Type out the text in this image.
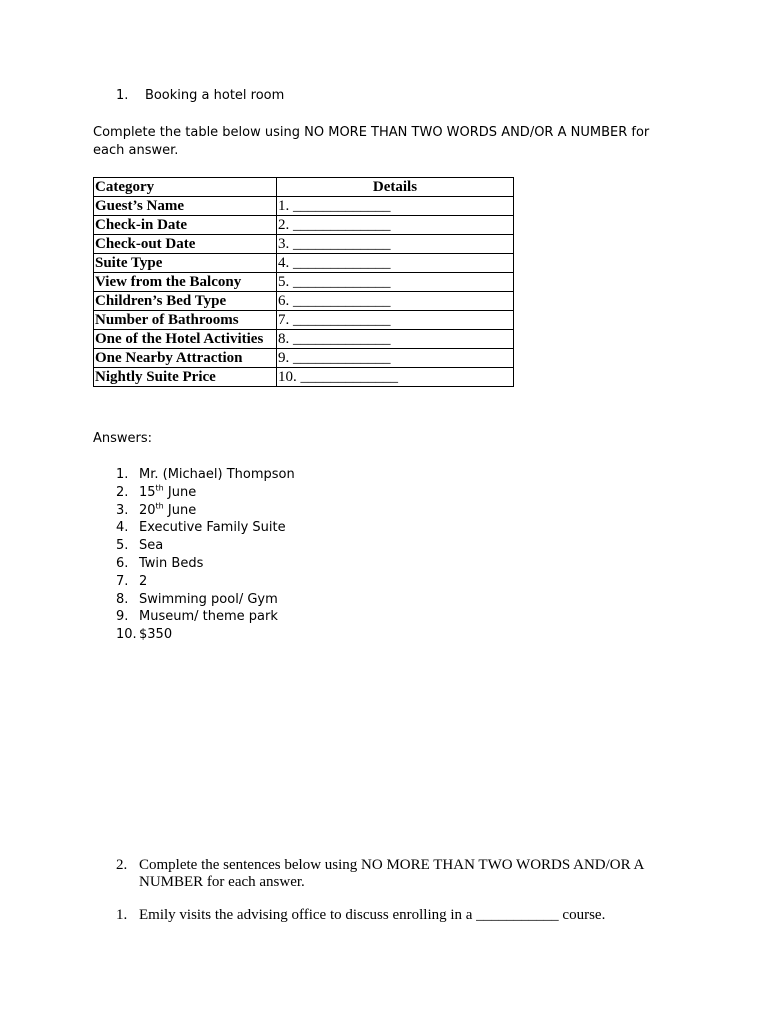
1. Booking a hotel room
Complete the table below using NO MORE THAN TWO WORDS AND/OR A NUMBER for each answer.
Category	Details
Guest’s Name	1. _____________
Check-in Date	2. _____________
Check-out Date	3. _____________
Suite Type	4. _____________
View from the Balcony	5. _____________
Children’s Bed Type	6. _____________
Number of Bathrooms	7. _____________
One of the Hotel Activities	8. _____________
One Nearby Attraction	9. _____________
Nightly Suite Price	10. _____________
Answers:
1. Mr. (Michael) Thompson
2. 15th June
3. 20th June
4. Executive Family Suite
5. Sea
6. Twin Beds
7. 2
8. Swimming pool/ Gym
9. Museum/ theme park
10. $350
2. Complete the sentences below using NO MORE THAN TWO WORDS AND/OR A NUMBER for each answer.
1. Emily visits the advising office to discuss enrolling in a ___________ course.
